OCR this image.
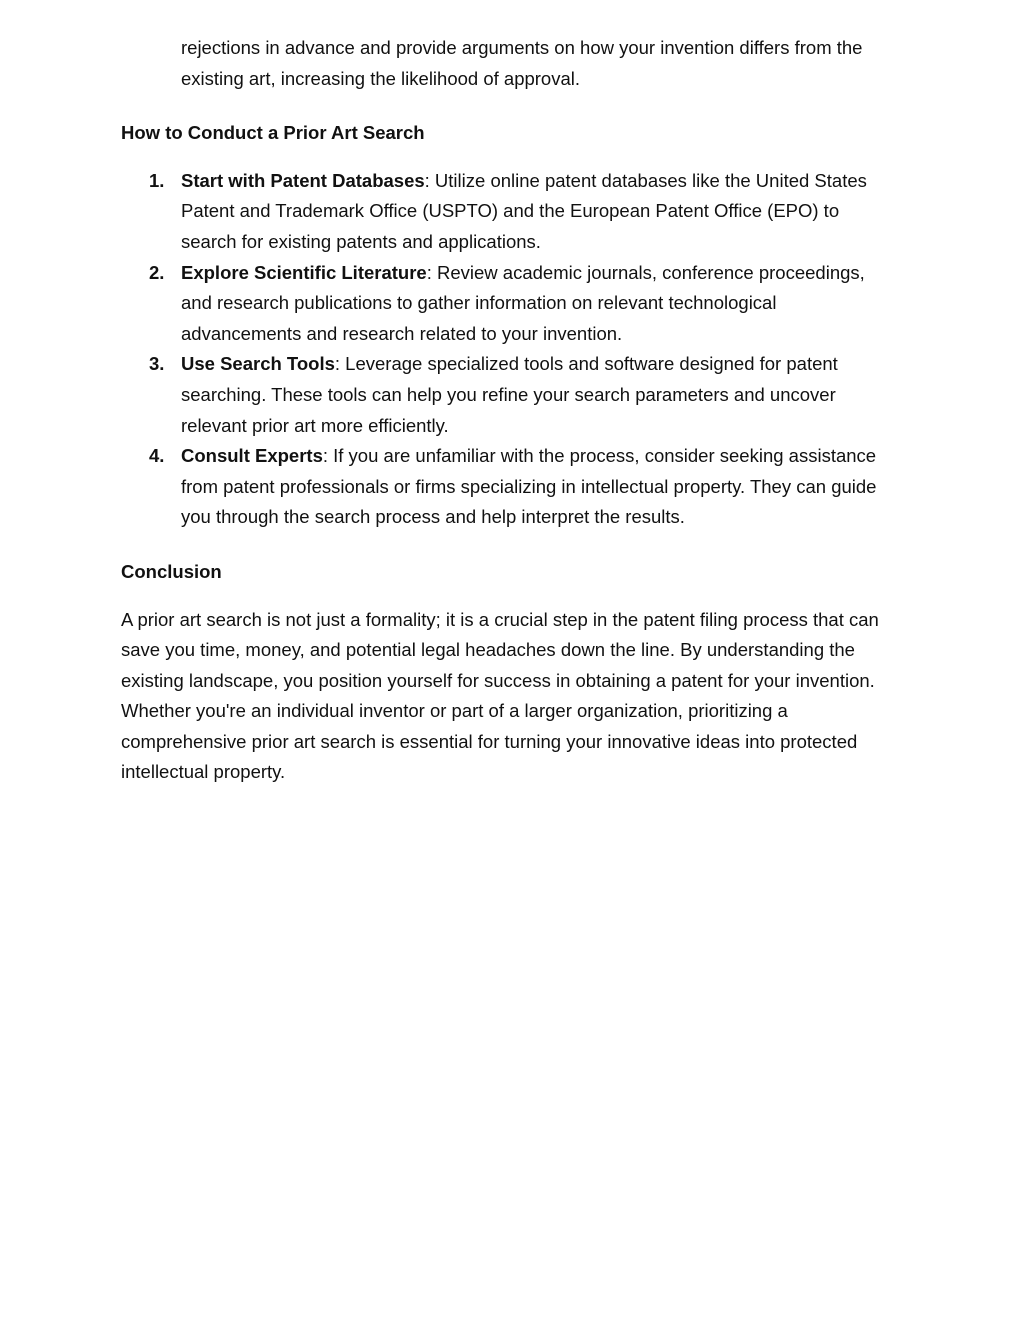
rejections in advance and provide arguments on how your invention differs from the existing art, increasing the likelihood of approval.

How to Conduct a Prior Art Search
1. Start with Patent Databases: Utilize online patent databases like the United States Patent and Trademark Office (USPTO) and the European Patent Office (EPO) to search for existing patents and applications.
2. Explore Scientific Literature: Review academic journals, conference proceedings, and research publications to gather information on relevant technological advancements and research related to your invention.
3. Use Search Tools: Leverage specialized tools and software designed for patent searching. These tools can help you refine your search parameters and uncover relevant prior art more efficiently.
4. Consult Experts: If you are unfamiliar with the process, consider seeking assistance from patent professionals or firms specializing in intellectual property. They can guide you through the search process and help interpret the results.
Conclusion

A prior art search is not just a formality; it is a crucial step in the patent filing process that can save you time, money, and potential legal headaches down the line. By understanding the existing landscape, you position yourself for success in obtaining a patent for your invention. Whether you're an individual inventor or part of a larger organization, prioritizing a comprehensive prior art search is essential for turning your innovative ideas into protected intellectual property.
